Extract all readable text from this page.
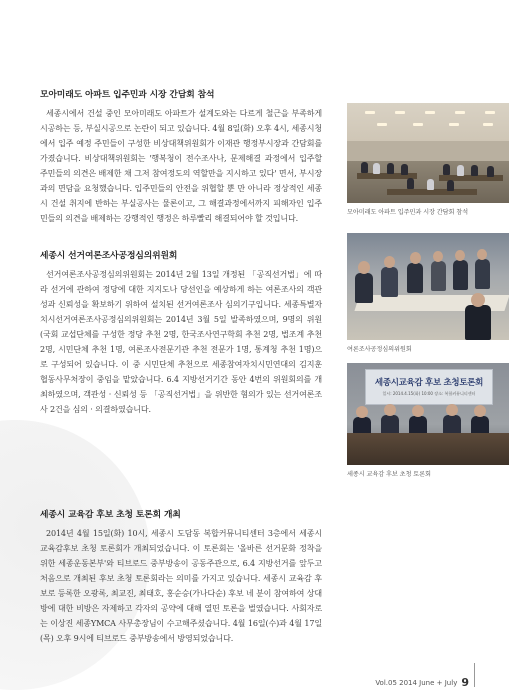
모아미래도 아파트 입주민과 시장 간담회 참석

세종시에서 건설 중인 모아미래도 아파트가 설계도와는 다르게 철근을 부족하게 시공하는 등, 부실시공으로 논란이 되고 있습니다. 4월 8일(화) 오후 4시, 세종시청에서 입주 예정 주민들이 구성한 비상대책위원회가 이재관 행정부시장과 간담회를 가졌습니다. 비상대책위원회는 '행복청이 전수조사나, 문제해결 과정에서 입주할 주민들의 의견은 배제한 채 그저 참여정도의 역할만을 지시하고 있다' 면서, 부시장과의 면담을 요청했습니다. 입주민들의 안전을 위협할 뿐 만 아니라 정상적인 세종시 건설 취지에 반하는 부실공사는 물론이고, 그 해결과정에서까지 피해자인 입주민들의 의견을 배제하는 강행적인 행정은 하루빨리 해결되어야 할 것입니다.

세종시 선거여론조사공정심의위원회

선거여론조사공정심의위원회는 2014년 2월 13일 개정된 「공직선거법」에 따라 선거에 관하여 정당에 대한 지지도나 당선인을 예상하게 하는 여론조사의 객관성과 신뢰성을 확보하기 위하여 설치된 선거여론조사 심의기구입니다. 세종특별자치시선거여론조사공정심의위원회는 2014년 3월 5일 발족하였으며, 9명의 위원(국회 교섭단체를 구성한 정당 추천 2명, 한국조사연구학회 추천 2명, 법조계 추천 2명, 시민단체 추천 1명, 여론조사전문기관 추천 전문가 1명, 통계청 추천 1명)으로 구성되어 있습니다. 이 중 시민단체 추천으로 세종참여자치시민연대의 김지훈 협동사무처장이 중임을 맡았습니다. 6.4 지방선거기간 동안 4번의 위원회의를 개최하였으며, 객관성 · 신뢰성 등 「공직선거법」을 위반한 혐의가 있는 선거여론조사 2건을 심의 · 의결하였습니다.

세종시 교육감 후보 초청 토론회 개최

2014년 4월 15일(화) 10시, 세종시 도담동 복합커뮤니티센터 3층에서 세종시 교육감후보 초청 토론회가 개최되었습니다. 이 토론회는 '올바른 선거문화 정착을 위한 세종운동본부'와 티브로드 중부방송이 공동주관으로, 6.4 지방선거를 앞두고 처음으로 개최된 후보 초청 토론회라는 의미를 가지고 있습니다. 세종시 교육감 후보로 등록한 오광록, 최교진, 최태호, 홍순승(가나다순) 후보 네 분이 참여하여 상대방에 대한 비방은 자제하고 각자의 공약에 대해 열띤 토론을 벌였습니다. 사회자로는 이상진 세종YMCA 사무총장님이 수고해주셨습니다. 4월 16일(수)과 4월 17일(목) 오후 9시에 티브로드 중부방송에서 방영되었습니다.

모아미래도 아파트 입주민과 시장 간담회 참석
여론조사공정심의위원회
세종시교육감 후보 초청토론회
일시: 2014.4.15(화) 10:00 장소: 복합커뮤니티센터
세종시 교육감 후보 초청 토론회
Vol.05 2014 June + July 9
